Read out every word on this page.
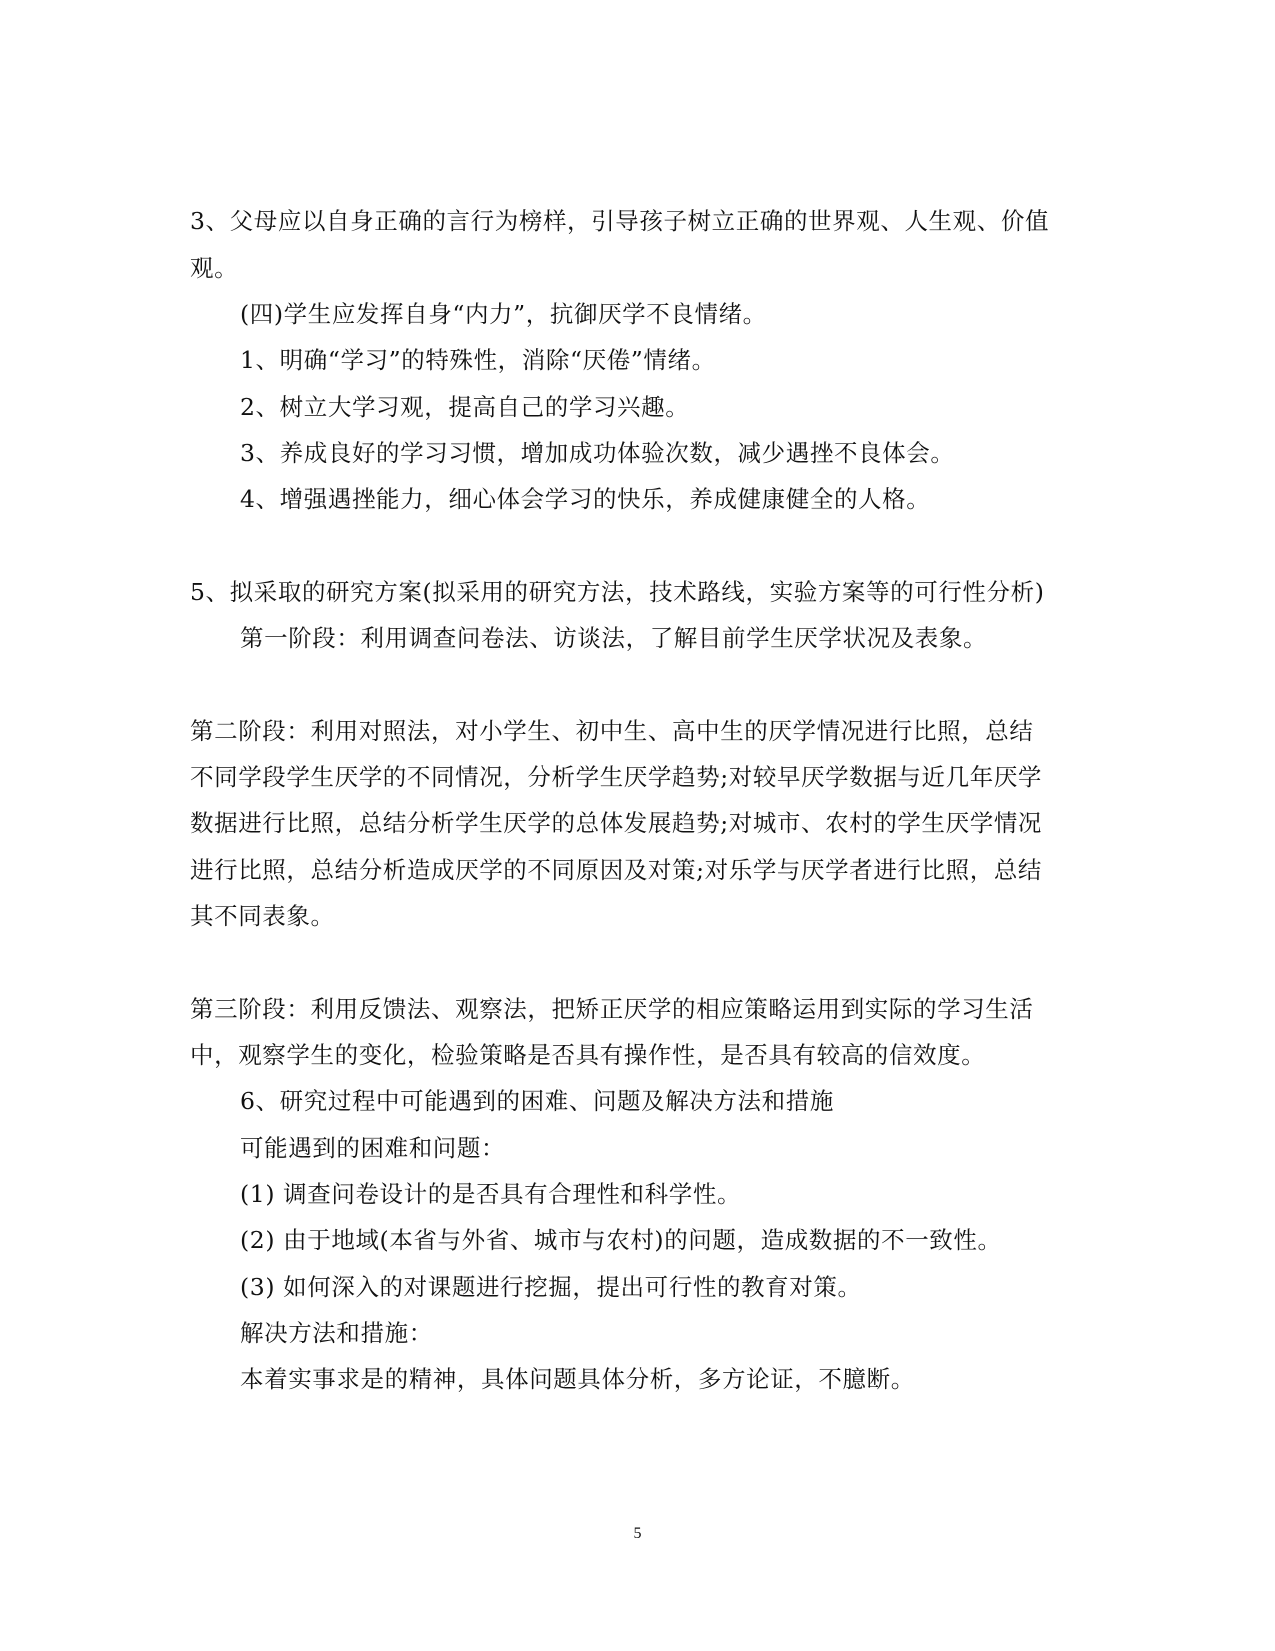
3、父母应以自身正确的言行为榜样，引导孩子树立正确的世界观、人生观、价值
观。
(四)学生应发挥自身“内力”，抗御厌学不良情绪。
1、明确“学习”的特殊性，消除“厌倦”情绪。
2、树立大学习观，提高自己的学习兴趣。
3、养成良好的学习习惯，增加成功体验次数，减少遇挫不良体会。
4、增强遇挫能力，细心体会学习的快乐，养成健康健全的人格。
5、拟采取的研究方案(拟采用的研究方法，技术路线，实验方案等的可行性分析)
第一阶段：利用调查问卷法、访谈法，了解目前学生厌学状况及表象。
第二阶段：利用对照法，对小学生、初中生、高中生的厌学情况进行比照，总结
不同学段学生厌学的不同情况，分析学生厌学趋势;对较早厌学数据与近几年厌学
数据进行比照，总结分析学生厌学的总体发展趋势;对城市、农村的学生厌学情况
进行比照，总结分析造成厌学的不同原因及对策;对乐学与厌学者进行比照，总结
其不同表象。
第三阶段：利用反馈法、观察法，把矫正厌学的相应策略运用到实际的学习生活
中，观察学生的变化，检验策略是否具有操作性，是否具有较高的信效度。
6、研究过程中可能遇到的困难、问题及解决方法和措施
可能遇到的困难和问题：
(1) 调查问卷设计的是否具有合理性和科学性。
(2) 由于地域(本省与外省、城市与农村)的问题，造成数据的不一致性。
(3) 如何深入的对课题进行挖掘，提出可行性的教育对策。
解决方法和措施：
本着实事求是的精神，具体问题具体分析，多方论证，不臆断。
5
